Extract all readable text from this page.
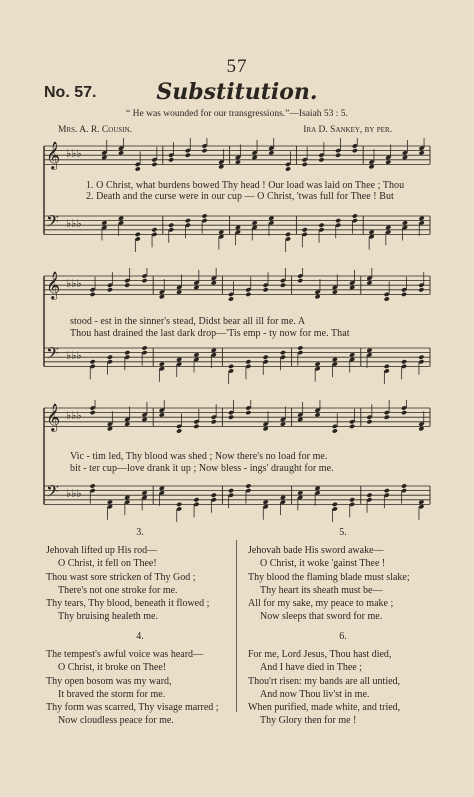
57
No. 57.	Substitution.
“ He was wounded for our transgressions.”—Isaiah 53 : 5.
Mrs. A. R. Cousin.	Ira D. Sankey, by per.
𝄞
𝄢
♭♭♭
♭♭♭
1. O Christ, what burdens bowed Thy head ! Our load was laid on Thee ; Thou
2. Death and the curse were in our cup — O Christ, 'twas full for Thee ! But
𝄞
𝄢
♭♭♭
♭♭♭
stood - est in the sinner's stead, Didst bear all ill for me. A
Thou hast drained the last dark drop—'Tis emp - ty now for me. That
𝄞
𝄢
♭♭♭
♭♭♭
Vic - tim led, Thy blood was shed ; Now there's no load for me.
bit - ter cup—love drank it up ; Now bless - ings' draught for me.
3.
Jehovah lifted up His rod—
O Christ, it fell on Thee!
Thou wast sore stricken of Thy God ;
There's not one stroke for me.
Thy tears, Thy blood, beneath it flowed ;
Thy bruising healeth me.
4.
The tempest's awful voice was heard—
O Christ, it broke on Thee!
Thy open bosom was my ward,
It braved the storm for me.
Thy form was scarred, Thy visage marred ;
Now cloudless peace for me.
5.
Jehovah bade His sword awake—
O Christ, it woke 'gainst Thee !
Thy blood the flaming blade must slake;
Thy heart its sheath must be—
All for my sake, my peace to make ;
Now sleeps that sword for me.
6.
For me, Lord Jesus, Thou hast died,
And I have died in Thee ;
Thou'rt risen: my bands are all untied,
And now Thou liv'st in me.
When purified, made white, and tried,
Thy Glory then for me !
